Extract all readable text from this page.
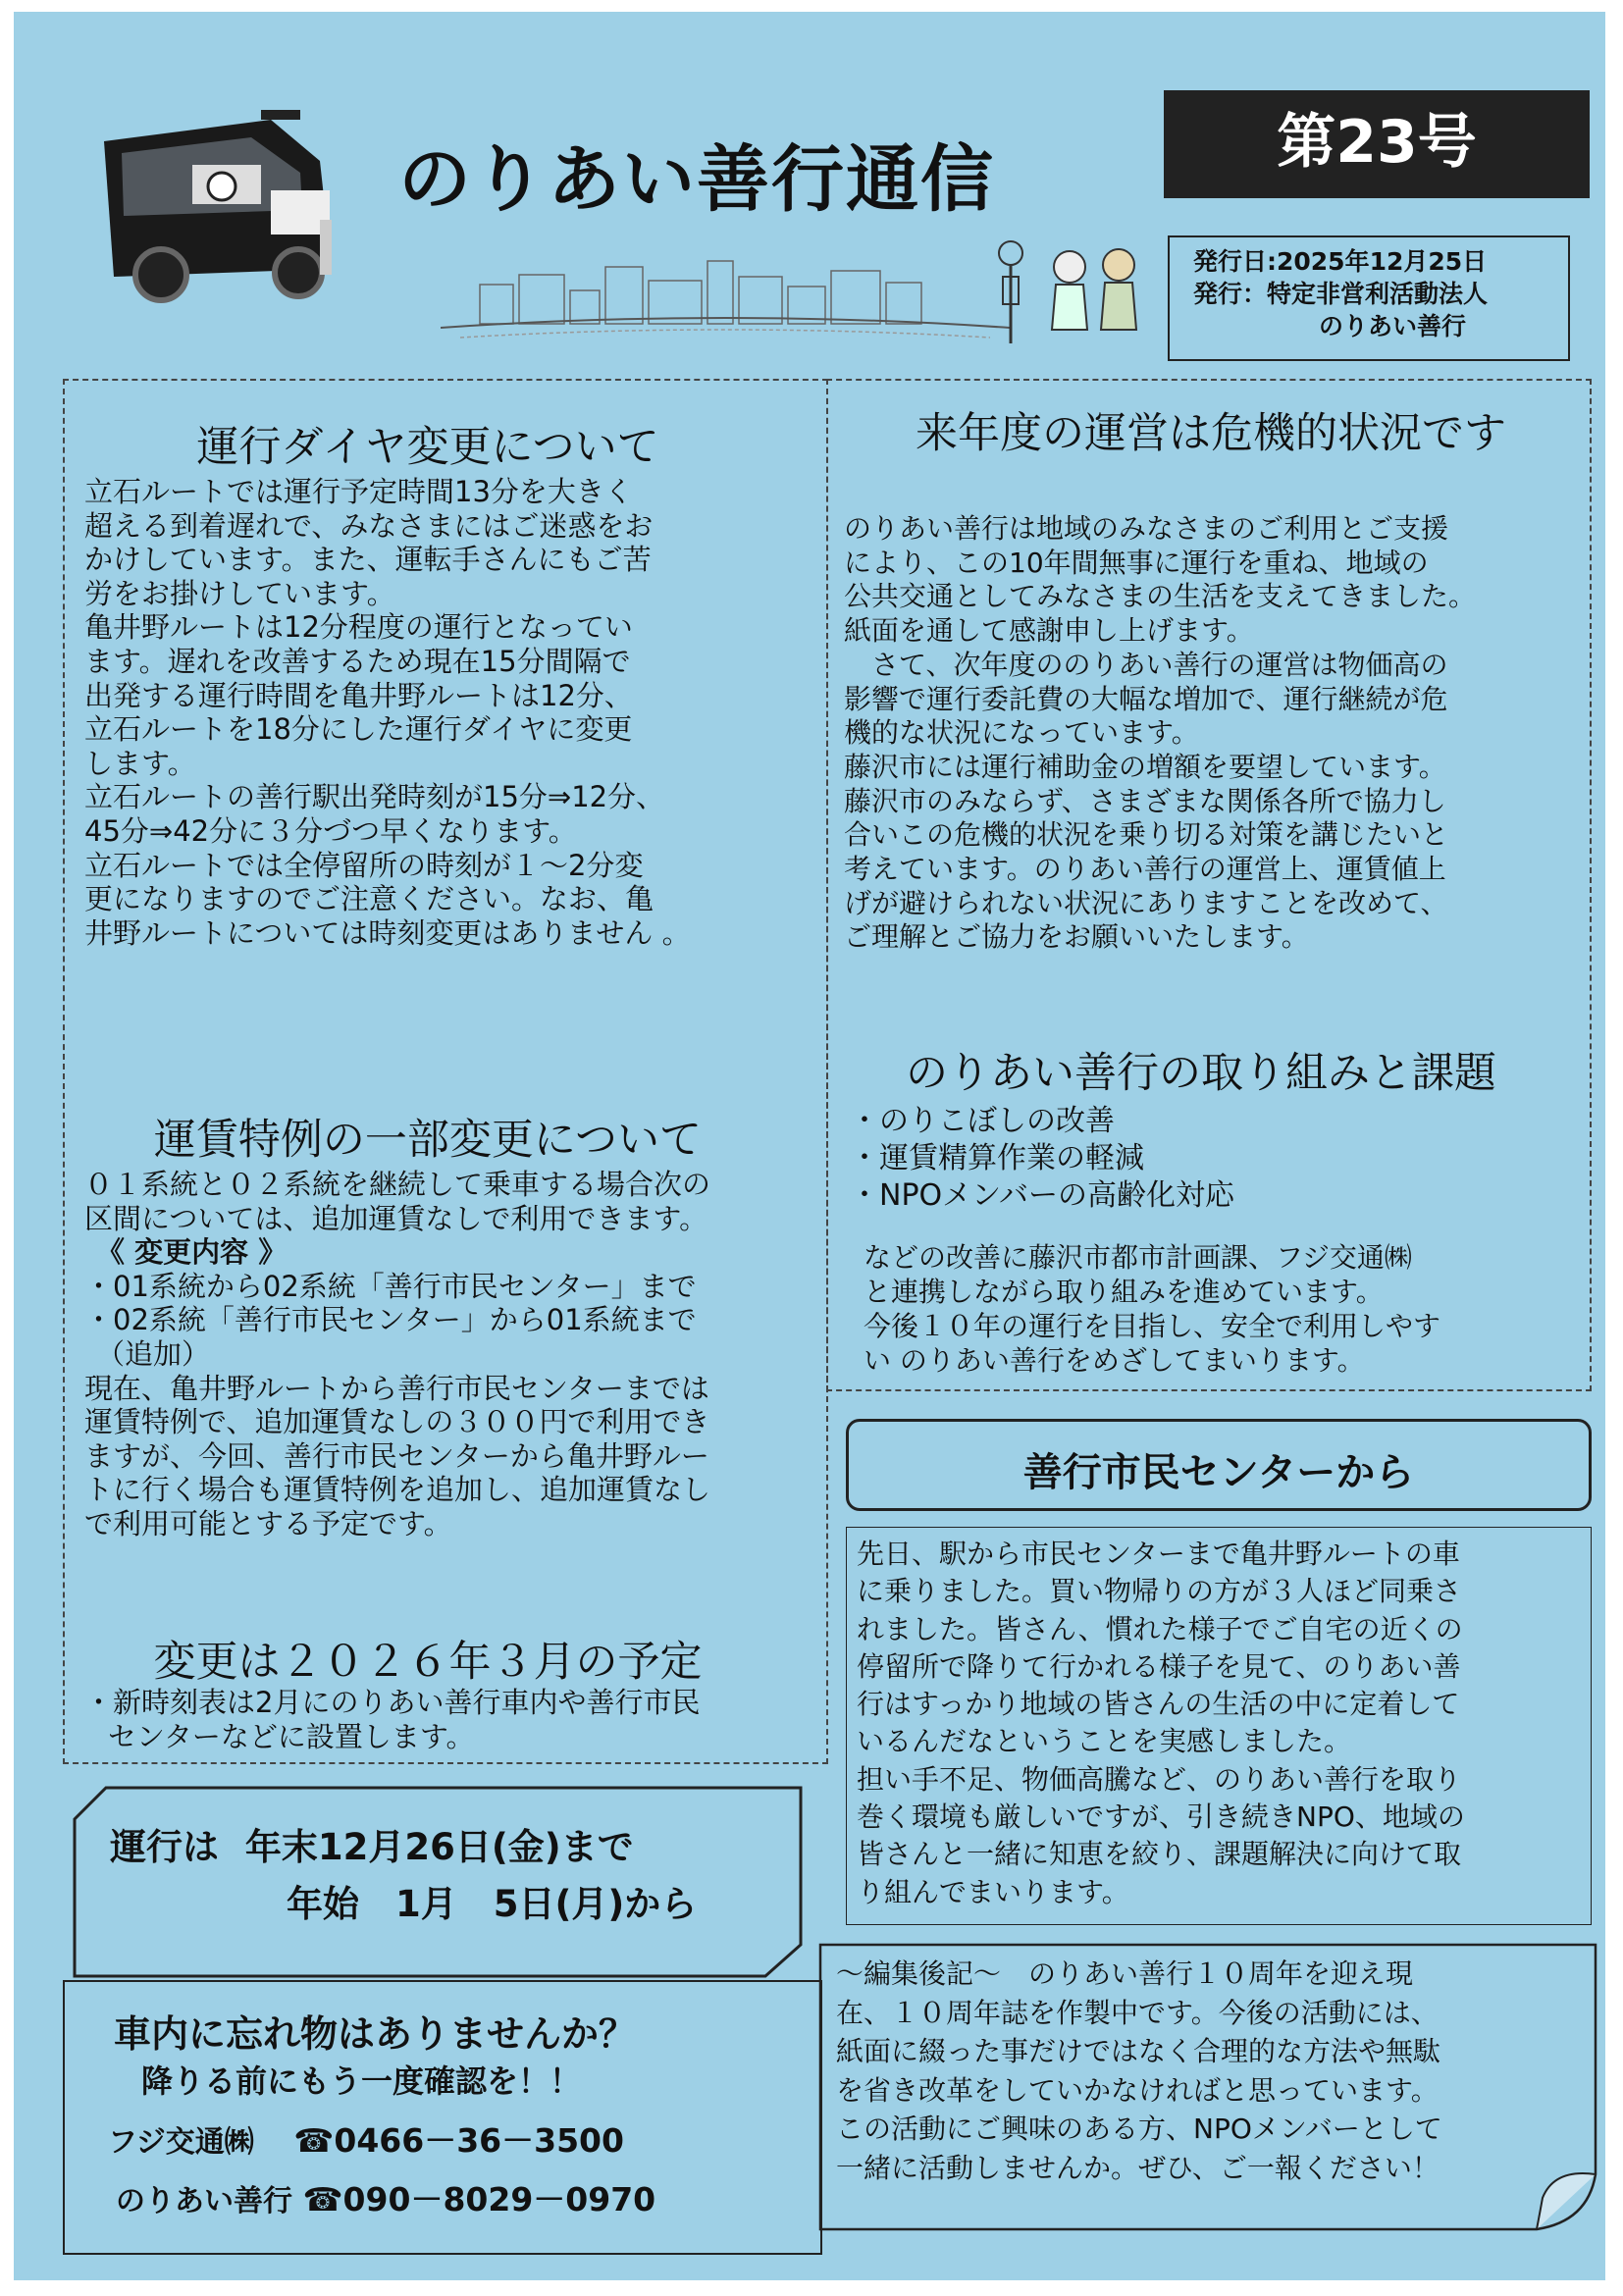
のりあい善行通信	第23号
発行日:2025年12月25日
発行：特定非営利活動法人
のりあい善行
運行ダイヤ変更について

立石ルートでは運行予定時間13分を大きく

超える到着遅れで、みなさまにはご迷惑をお

かけしています。また、運転手さんにもご苦

労をお掛けしています。

亀井野ルートは12分程度の運行となってい

ます。遅れを改善するため現在15分間隔で

出発する運行時間を亀井野ルートは12分、

立石ルートを18分にした運行ダイヤに変更

します。

立石ルートの善行駅出発時刻が15分⇒12分、

45分⇒42分に３分づつ早くなります。

立石ルートでは全停留所の時刻が１～2分変

更になりますのでご注意ください。なお、亀

井野ルートについては時刻変更はありません 。

運賃特例の一部変更について

０１系統と０２系統を継続して乗車する場合次の

区間については、追加運賃なしで利用できます。

《 変更内容 》

・01系統から02系統「善行市民センター」まで

・02系統「善行市民センター」から01系統まで

（追加）

現在、亀井野ルートから善行市民センターまでは

運賃特例で、追加運賃なしの３００円で利用でき

ますが、今回、善行市民センターから亀井野ルー

トに行く場合も運賃特例を追加し、追加運賃なし

で利用可能とする予定です。

変更は２０２６年３月の予定

・新時刻表は2月にのりあい善行車内や善行市民

センターなどに設置します。

運行は 年末12月26日(金)まで
年始　1月　5日(月)から
車内に忘れ物はありませんか？
降りる前にもう一度確認を！！
フジ交通㈱ ☎0466－36－3500
のりあい善行 ☎090－8029－0970
来年度の運営は危機的状況です

のりあい善行は地域のみなさまのご利用とご支援

により、この10年間無事に運行を重ね、地域の

公共交通としてみなさまの生活を支えてきました。

紙面を通して感謝申し上げます。

　さて、次年度ののりあい善行の運営は物価高の

影響で運行委託費の大幅な増加で、運行継続が危

機的な状況になっています。

藤沢市には運行補助金の増額を要望しています。

藤沢市のみならず、さまざまな関係各所で協力し

合いこの危機的状況を乗り切る対策を講じたいと

考えています。のりあい善行の運営上、運賃値上

げが避けられない状況にありますことを改めて、

ご理解とご協力をお願いいたします。

のりあい善行の取り組みと課題
・のりこぼしの改善
・運賃精算作業の軽減
・NPOメンバーの高齢化対応

などの改善に藤沢市都市計画課、フジ交通㈱

と連携しながら取り組みを進めています。

今後１０年の運行を目指し、安全で利用しやす

い のりあい善行をめざしてまいります。

善行市民センターから

先日、駅から市民センターまで亀井野ルートの車

に乗りました。買い物帰りの方が３人ほど同乗さ

れました。皆さん、慣れた様子でご自宅の近くの

停留所で降りて行かれる様子を見て、のりあい善

行はすっかり地域の皆さんの生活の中に定着して

いるんだなということを実感しました。

担い手不足、物価高騰など、のりあい善行を取り

巻く環境も厳しいですが、引き続きNPO、地域の

皆さんと一緒に知恵を絞り、課題解決に向けて取

り組んでまいります。

～編集後記～　のりあい善行１０周年を迎え現

在、１０周年誌を作製中です。今後の活動には、

紙面に綴った事だけではなく合理的な方法や無駄

を省き改革をしていかなければと思っています。

この活動にご興味のある方、NPOメンバーとして

一緒に活動しませんか。ぜひ、ご一報ください！
